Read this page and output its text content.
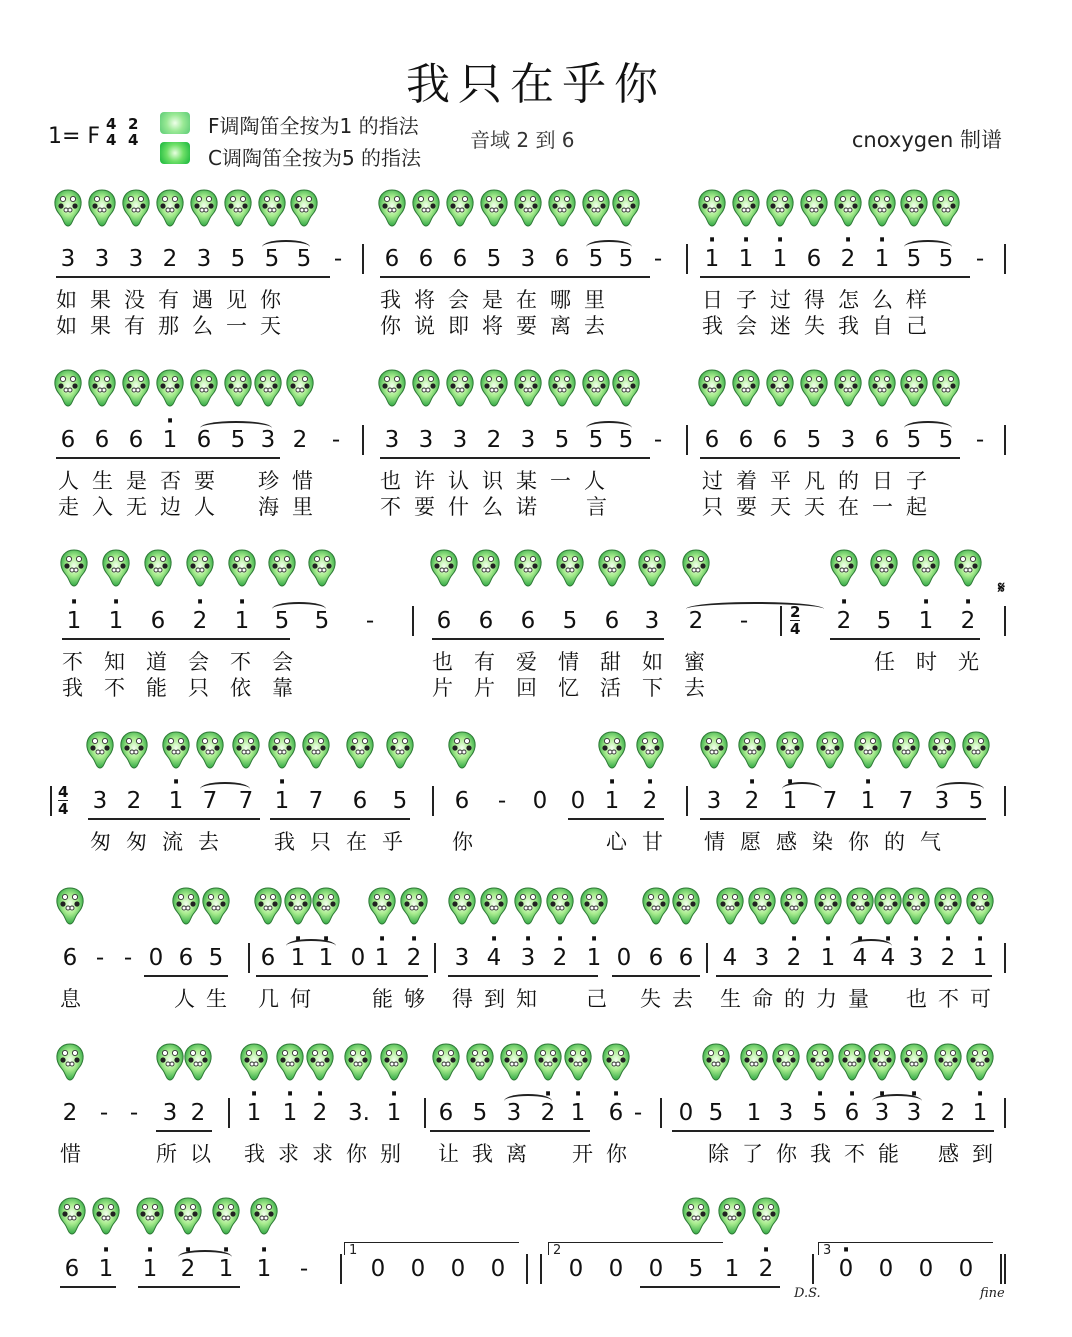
我只在乎你
1= F 4
4
2
4
F调陶笛全按为1 的指法
C调陶笛全按为5 的指法
音域 2 到 6	cnoxygen 制谱
3 3 3 2 3 5 5 5 - 6 6 6 5 3 6 5 5 - · 1 · 1 · 1 6 · 2 · 1 5 5 -
6 6 6 · 1 6 5 3 2 - 3 3 3 2 3 5 5 5 - 6 6 6 5 3 6 5 5 -
· 1 · 1 6 · 2 · 1 5 5 -	6 6 6 5 6 3 2 -	· 2 5 · 1 · 2
3 2 · 1 7 7 · 1 7 6 5 6 - 0 0 · 1 · 2 3 · 2 · 1 7 · 1 7 3 5
6 - - 0 6 5 6 · 1 · 1 0 · 1 · 2 3 · 4 · 3 · 2 · 1 0 6 6 4 3 · 2 · 1 · 4 · 4 · 3 · 2 · 1
2 - - 3 2 · 1 · 1 · 2 3. · 1 6 5 3 · 2 · 1 · 6 - 0 5 1 3 · 5 · 6 · 3 · 3 2 · 1
6 · 1 · 1 · 2 · 1 · 1 -	0 0 0 0	0 0 0 5 1 · 2	· 0 0 0 0
如果没有遇见你	我将会是在哪里	日子过得怎么样
如果有那么一天	你说即将要离去	我会迷失我自己
人生是否要 珍惜	也许认识某一人	过着平凡的日子
走入无边人 海里	不要什么诺 言	只要天天在一起
不知道会不会	也有爱情甜如蜜	任时光
我不能只依靠	片片回忆活下去
匆匆流去 我只在乎 你	心甘 情愿感染你的气
息	人生 几何 能够 得到知 己 失去 生命的力量 也不可
惜	所以 我求求你别 让我离 开你	除了你我不能 感到
2
4
4
4
𝄋
D.S.	fine
1	2	3
